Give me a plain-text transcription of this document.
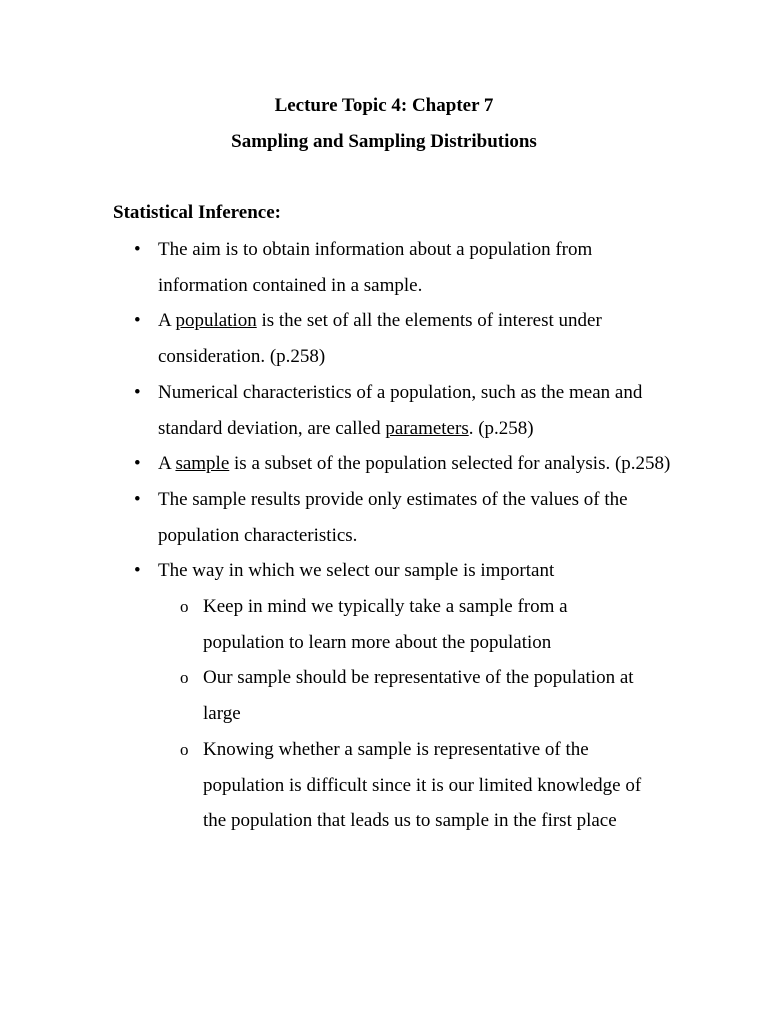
Lecture Topic 4: Chapter 7
Sampling and Sampling Distributions
Statistical Inference:
• The aim is to obtain information about a population from information contained in a sample.
• A population is the set of all the elements of interest under consideration. (p.258)
• Numerical characteristics of a population, such as the mean and standard deviation, are called parameters. (p.258)
• A sample is a subset of the population selected for analysis. (p.258)
• The sample results provide only estimates of the values of the population characteristics.
• The way in which we select our sample is important
o Keep in mind we typically take a sample from a population to learn more about the population
o Our sample should be representative of the population at large
o Knowing whether a sample is representative of the population is difficult since it is our limited knowledge of the population that leads us to sample in the first place
